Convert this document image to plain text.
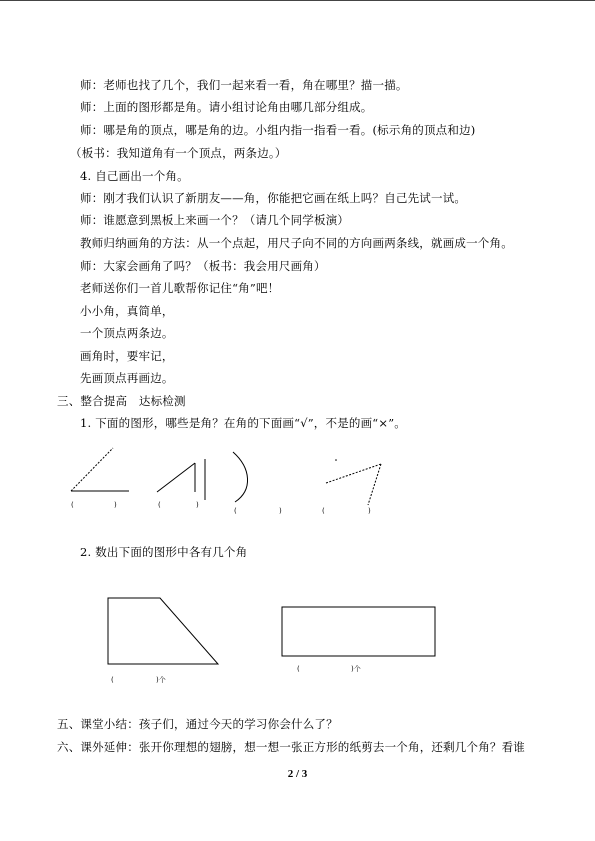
师：老师也找了几个，我们一起来看一看，角在哪里？描一描。
师：上面的图形都是角。请小组讨论角由哪几部分组成。
师：哪是角的顶点，哪是角的边。小组内指一指看一看。(标示角的顶点和边)
（板书：我知道角有一个顶点，两条边。）
4. 自己画出一个角。
师：刚才我们认识了新朋友——角，你能把它画在纸上吗？自己先试一试。
师：谁愿意到黑板上来画一个？（请几个同学板演）
教师归纳画角的方法：从一个点起，用尺子向不同的方向画两条线，就画成一个角。
师：大家会画角了吗？（板书：我会用尺画角）
老师送你们一首儿歌帮你记住“角”吧！
小小角，真简单，
一个顶点两条边。
画角时，要牢记，
先画顶点再画边。
三、整合提高　达标检测
1. 下面的图形，哪些是角？在角的下面画“√”，不是的画“×”。
2. 数出下面的图形中各有几个角
五、课堂小结：孩子们，通过今天的学习你会什么了？
六、课外延伸：张开你理想的翅膀，想一想一张正方形的纸剪去一个角，还剩几个角？看谁
(	)	(	)
(	)	(	)
(	)个
(	)个
2 / 3
